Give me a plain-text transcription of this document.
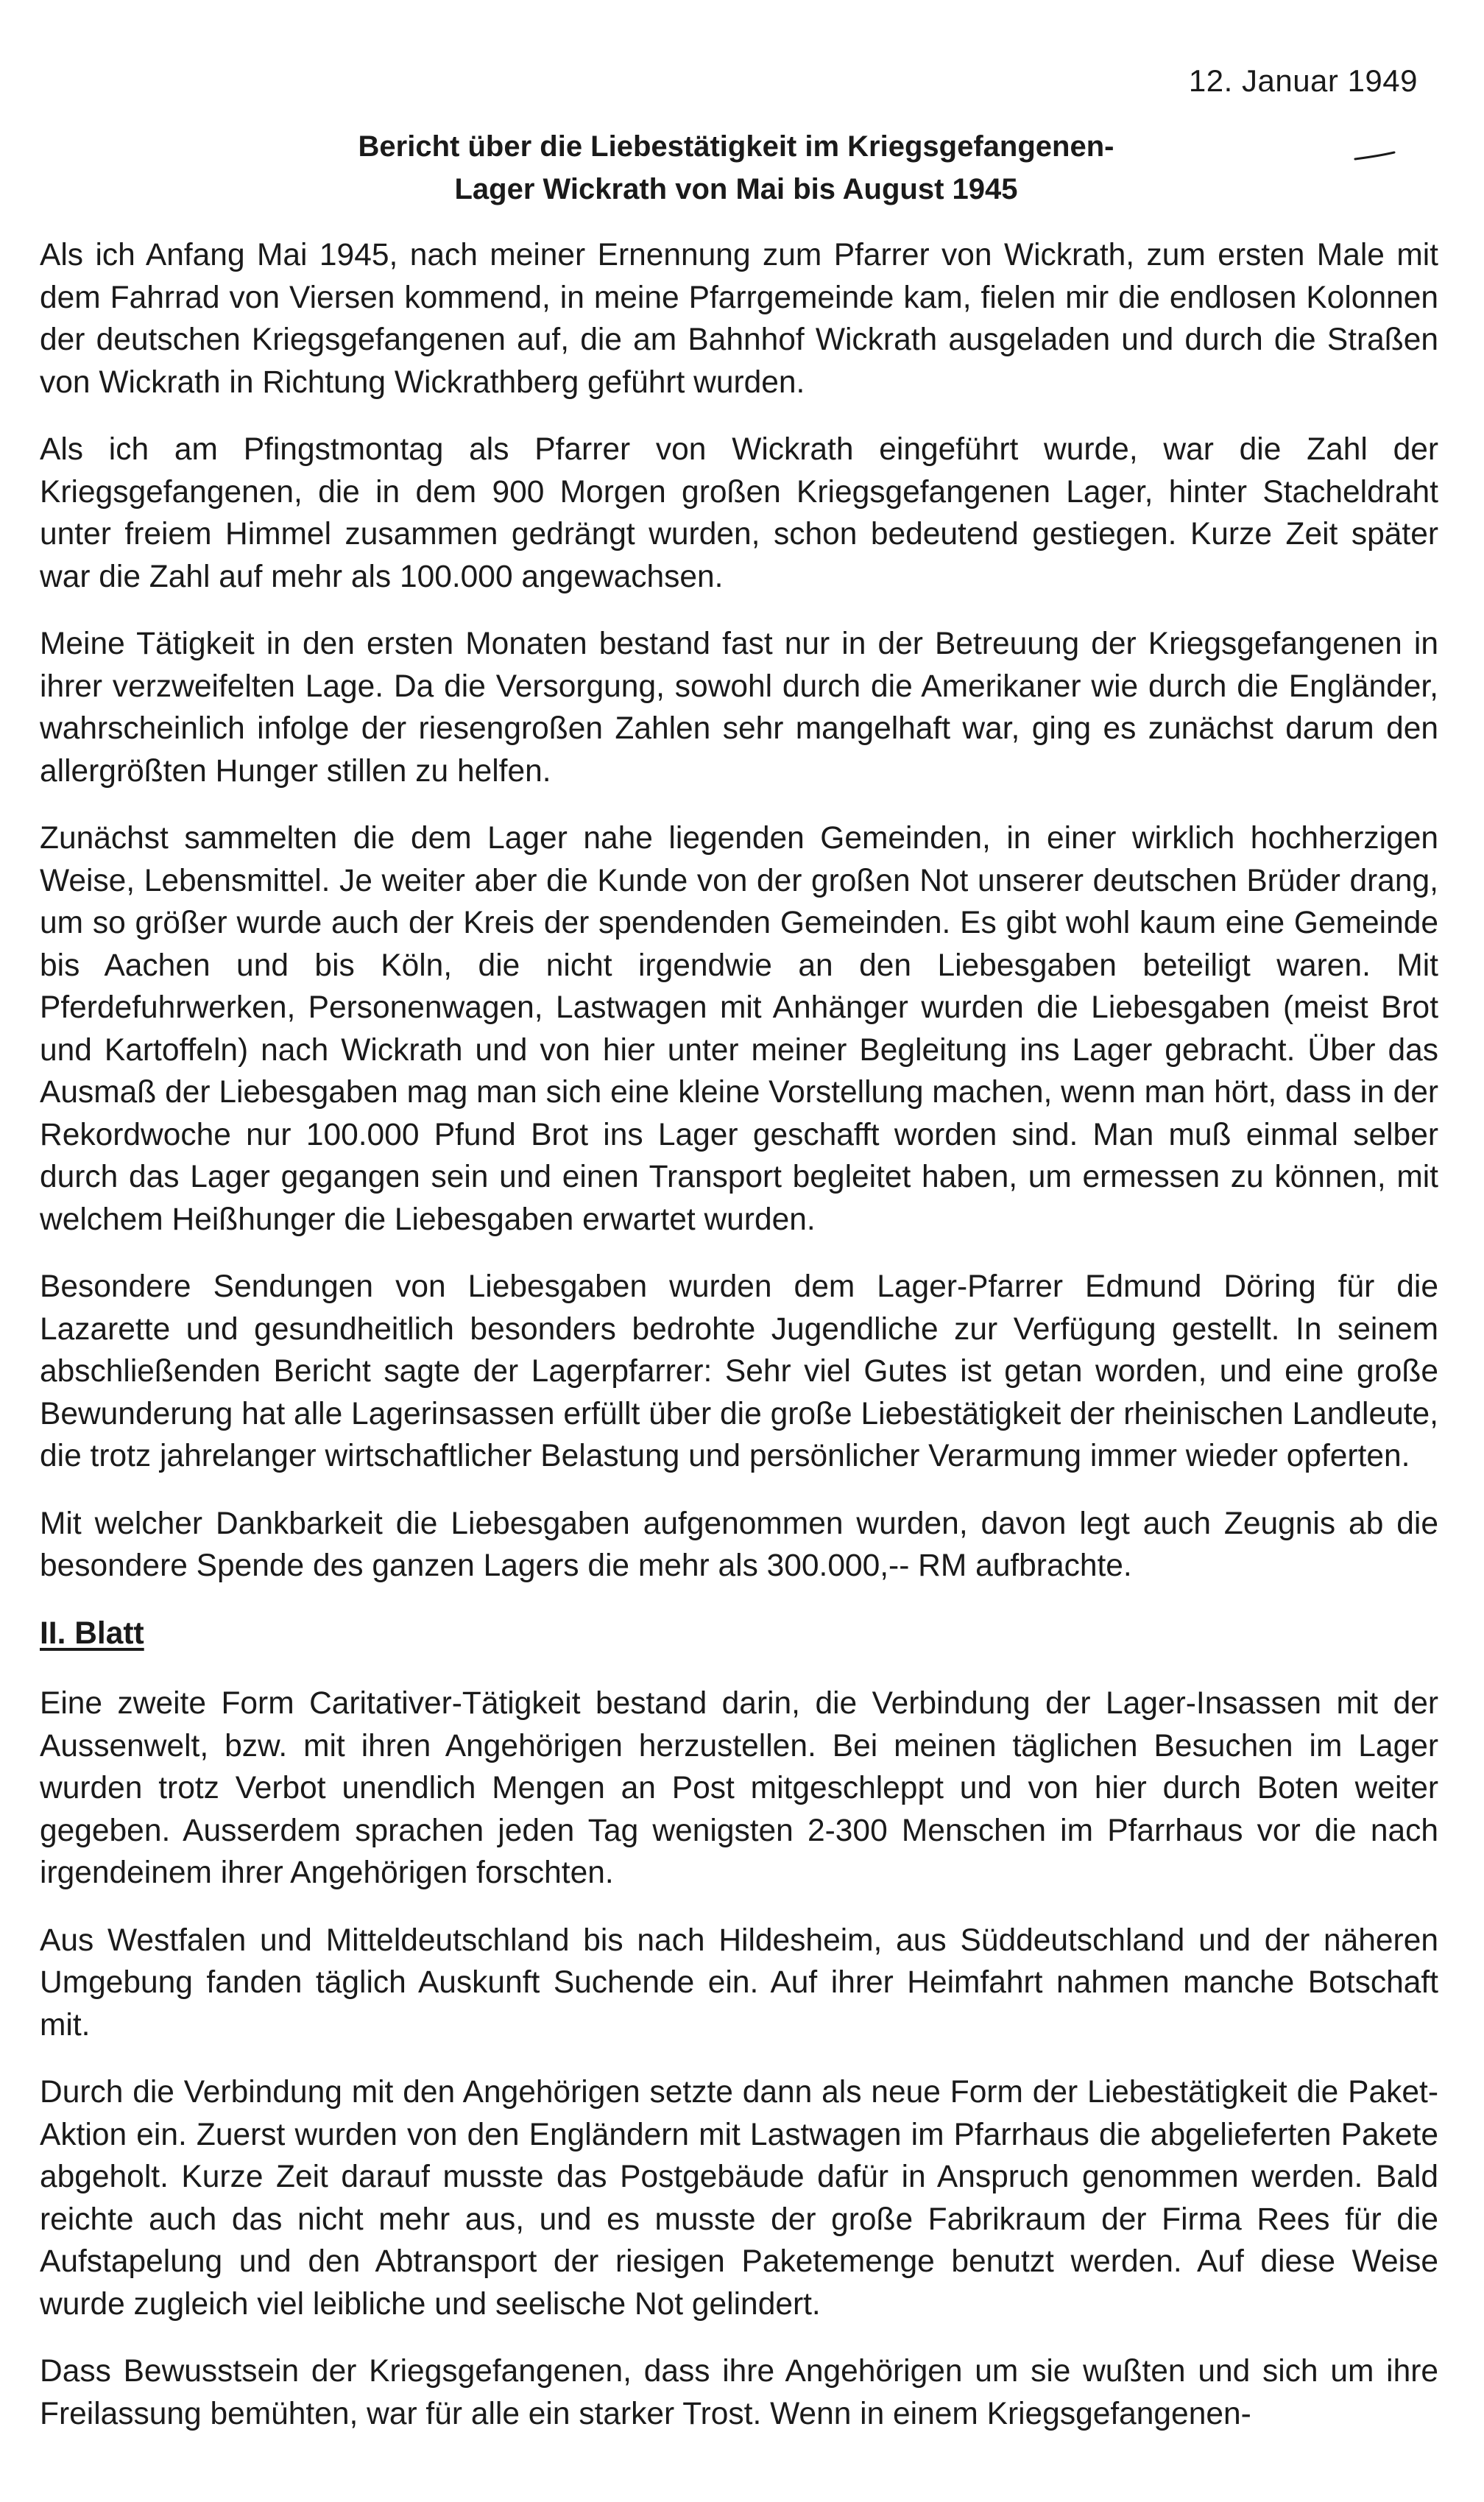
12. Januar 1949
Bericht über die Liebestätigkeit im Kriegsgefangenen-
Lager Wickrath von Mai bis August 1945

Als ich Anfang Mai 1945, nach meiner Ernennung zum Pfarrer von Wickrath, zum ersten Male mit dem Fahrrad von Viersen kommend, in meine Pfarrgemeinde kam, fielen mir die endlosen Kolonnen der deutschen Kriegsgefangenen auf, die am Bahnhof Wickrath ausgeladen und durch die Straßen von Wickrath in Richtung Wickrathberg geführt wurden.

Als ich am Pfingstmontag als Pfarrer von Wickrath eingeführt wurde, war die Zahl der Kriegsgefangenen, die in dem 900 Morgen großen Kriegsgefangenen Lager, hinter Stacheldraht unter freiem Himmel zusammen gedrängt wurden, schon bedeutend gestiegen. Kurze Zeit später war die Zahl auf mehr als 100.000 angewachsen.

Meine Tätigkeit in den ersten Monaten bestand fast nur in der Betreuung der Kriegsgefangenen in ihrer verzweifelten Lage. Da die Versorgung, sowohl durch die Amerikaner wie durch die Engländer, wahrscheinlich infolge der riesengroßen Zahlen sehr mangelhaft war, ging es zunächst darum den allergrößten Hunger stillen zu helfen.

Zunächst sammelten die dem Lager nahe liegenden Gemeinden, in einer wirklich hochherzigen Weise, Lebensmittel. Je weiter aber die Kunde von der großen Not unserer deutschen Brüder drang, um so größer wurde auch der Kreis der spendenden Gemeinden. Es gibt wohl kaum eine Gemeinde bis Aachen und bis Köln, die nicht irgendwie an den Liebesgaben beteiligt waren. Mit Pferdefuhrwerken, Personenwagen, Lastwagen mit Anhänger wurden die Liebesgaben (meist Brot und Kartoffeln) nach Wickrath und von hier unter meiner Begleitung ins Lager gebracht. Über das Ausmaß der Liebesgaben mag man sich eine kleine Vorstellung machen, wenn man hört, dass in der Rekordwoche nur 100.000 Pfund Brot ins Lager geschafft worden sind. Man muß einmal selber durch das Lager gegangen sein und einen Transport begleitet haben, um ermessen zu können, mit welchem Heißhunger die Liebesgaben erwartet wurden.

Besondere Sendungen von Liebesgaben wurden dem Lager-Pfarrer Edmund Döring für die Lazarette und gesundheitlich besonders bedrohte Jugendliche zur Verfügung gestellt. In seinem abschließenden Bericht sagte der Lagerpfarrer: Sehr viel Gutes ist getan worden, und eine große Bewunderung hat alle Lagerinsassen erfüllt über die große Liebestätigkeit der rheinischen Landleute, die trotz jahrelanger wirtschaftlicher Belastung und persönlicher Verarmung immer wieder opferten.

Mit welcher Dankbarkeit die Liebesgaben aufgenommen wurden, davon legt auch Zeugnis ab die besondere Spende des ganzen Lagers die mehr als 300.000,-- RM aufbrachte.

II. Blatt

Eine zweite Form Caritativer-Tätigkeit bestand darin, die Verbindung der Lager-Insassen mit der Aussenwelt, bzw. mit ihren Angehörigen herzustellen. Bei meinen täglichen Besuchen im Lager wurden trotz Verbot unendlich Mengen an Post mitgeschleppt und von hier durch Boten weiter gegeben. Ausserdem sprachen jeden Tag wenigsten 2-300 Menschen im Pfarrhaus vor die nach irgendeinem ihrer Angehörigen forschten.

Aus Westfalen und Mitteldeutschland bis nach Hildesheim, aus Süddeutschland und der näheren Umgebung fanden täglich Auskunft Suchende ein. Auf ihrer Heimfahrt nahmen manche Botschaft mit.

Durch die Verbindung mit den Angehörigen setzte dann als neue Form der Liebestätigkeit die Paket-Aktion ein. Zuerst wurden von den Engländern mit Lastwagen im Pfarrhaus die abgelieferten Pakete abgeholt. Kurze Zeit darauf musste das Postgebäude dafür in Anspruch genommen werden. Bald reichte auch das nicht mehr aus, und es musste der große Fabrikraum der Firma Rees für die Aufstapelung und den Abtransport der riesigen Paketemenge benutzt werden. Auf diese Weise wurde zugleich viel leibliche und seelische Not gelindert.

Dass Bewusstsein der Kriegsgefangenen, dass ihre Angehörigen um sie wußten und sich um ihre Freilassung bemühten, war für alle ein starker Trost. Wenn in einem Kriegsgefangenen-
